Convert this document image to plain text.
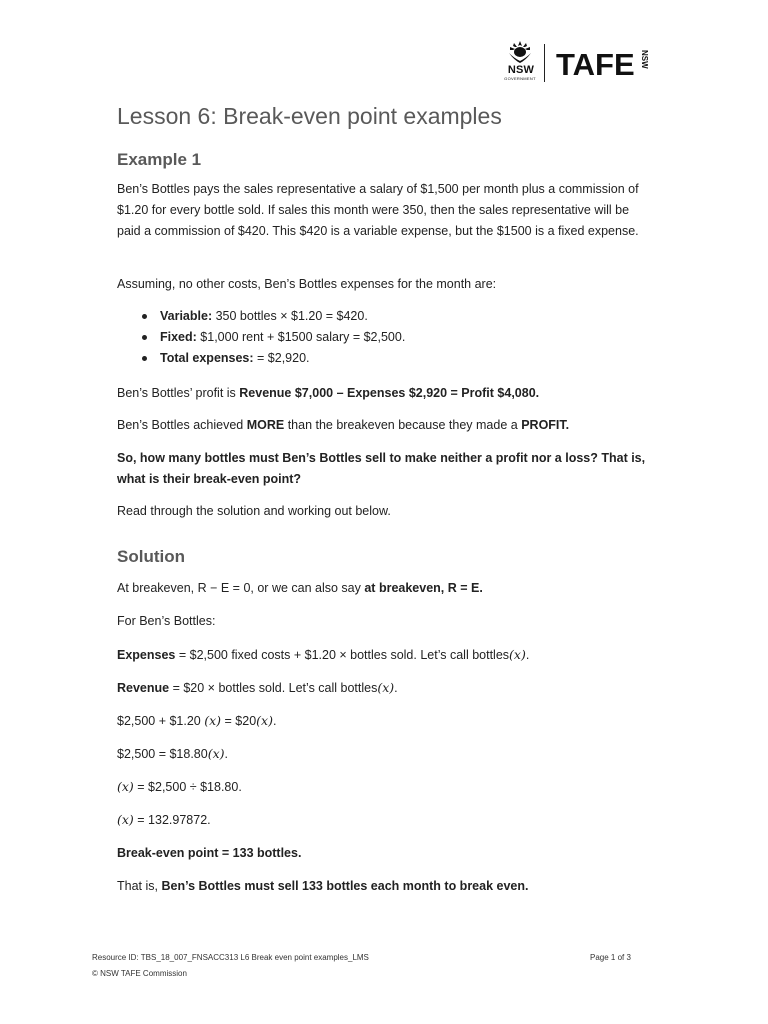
NSW
GOVERNMENT TAFE NSW
Lesson 6: Break-even point examples
Example 1
Ben’s Bottles pays the sales representative a salary of $1,500 per month plus a commission of $1.20 for every bottle sold. If sales this month were 350, then the sales representative will be paid a commission of $420. This $420 is a variable expense, but the $1500 is a fixed expense.
Assuming, no other costs, Ben’s Bottles expenses for the month are:
Variable: 350 bottles × $1.20 = $420.
Fixed: $1,000 rent + $1500 salary = $2,500.
Total expenses: = $2,920.
Ben’s Bottles’ profit is Revenue $7,000 – Expenses $2,920 = Profit $4,080.
Ben’s Bottles achieved MORE than the breakeven because they made a PROFIT.
So, how many bottles must Ben’s Bottles sell to make neither a profit nor a loss? That is, what is their break-even point?
Read through the solution and working out below.
Solution
At breakeven, R − E = 0, or we can also say at breakeven, R = E.
For Ben’s Bottles:
Expenses = $2,500 fixed costs + $1.20 × bottles sold. Let’s call bottles(x).
Revenue = $20 × bottles sold. Let’s call bottles(x).
$2,500 + $1.20 (x) = $20(x).
$2,500 = $18.80(x).
(x) = $2,500 ÷ $18.80.
(x) = 132.97872.
Break-even point = 133 bottles.
That is, Ben’s Bottles must sell 133 bottles each month to break even.
Resource ID: TBS_18_007_FNSACC313 L6 Break even point examples_LMS
© NSW TAFE Commission
Page 1 of 3
